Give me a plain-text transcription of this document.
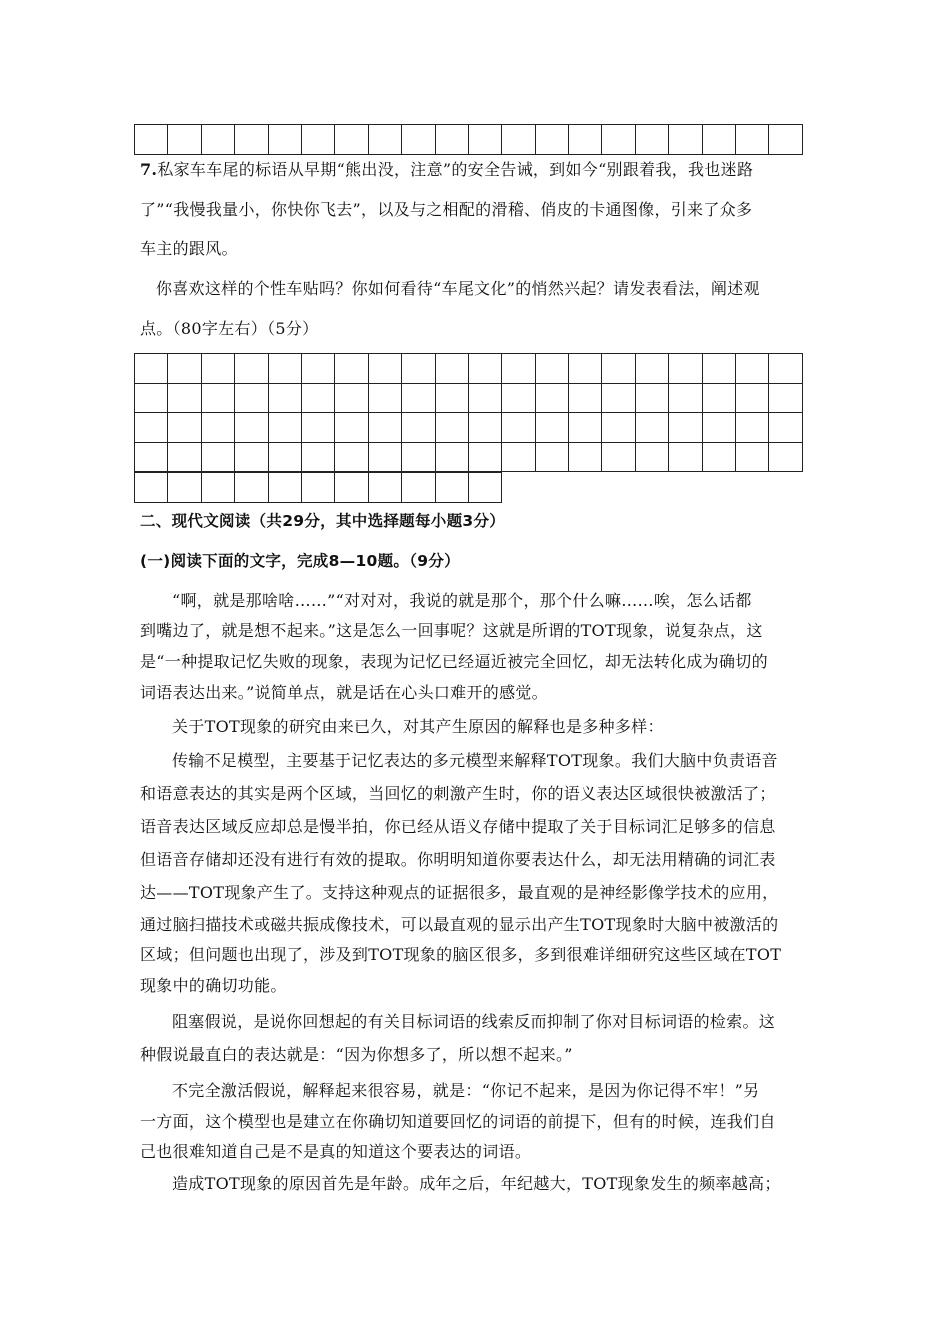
7.私家车车尾的标语从早期“熊出没，注意”的安全告诫，到如今“别跟着我，我也迷路
了”“我慢我量小，你快你飞去”，以及与之相配的滑稽、俏皮的卡通图像，引来了众多
车主的跟风。
你喜欢这样的个性车贴吗？你如何看待“车尾文化”的悄然兴起？请发表看法，阐述观
点。（80字左右）（5分）

二、现代文阅读（共29分，其中选择题每小题3分）
(一)阅读下面的文字，完成8—10题。（9分）
“啊，就是那啥啥……”“对对对，我说的就是那个，那个什么嘛……唉，怎么话都
到嘴边了，就是想不起来。”这是怎么一回事呢？这就是所谓的TOT现象，说复杂点，这
是“一种提取记忆失败的现象，表现为记忆已经逼近被完全回忆，却无法转化成为确切的
词语表达出来。”说简单点，就是话在心头口难开的感觉。
关于TOT现象的研究由来已久，对其产生原因的解释也是多种多样：
传输不足模型，主要基于记忆表达的多元模型来解释TOT现象。我们大脑中负责语音
和语意表达的其实是两个区域，当回忆的刺激产生时，你的语义表达区域很快被激活了；
语音表达区域反应却总是慢半拍，你已经从语义存储中提取了关于目标词汇足够多的信息
但语音存储却还没有进行有效的提取。你明明知道你要表达什么，却无法用精确的词汇表
达——TOT现象产生了。支持这种观点的证据很多，最直观的是神经影像学技术的应用，
通过脑扫描技术或磁共振成像技术，可以最直观的显示出产生TOT现象时大脑中被激活的
区域；但问题也出现了，涉及到TOT现象的脑区很多，多到很难详细研究这些区域在TOT
现象中的确切功能。
阻塞假说，是说你回想起的有关目标词语的线索反而抑制了你对目标词语的检索。这
种假说最直白的表达就是：“因为你想多了，所以想不起来。”
不完全激活假说，解释起来很容易，就是：“你记不起来，是因为你记得不牢！”另
一方面，这个模型也是建立在你确切知道要回忆的词语的前提下，但有的时候，连我们自
己也很难知道自己是不是真的知道这个要表达的词语。
造成TOT现象的原因首先是年龄。成年之后，年纪越大，TOT现象发生的频率越高；
